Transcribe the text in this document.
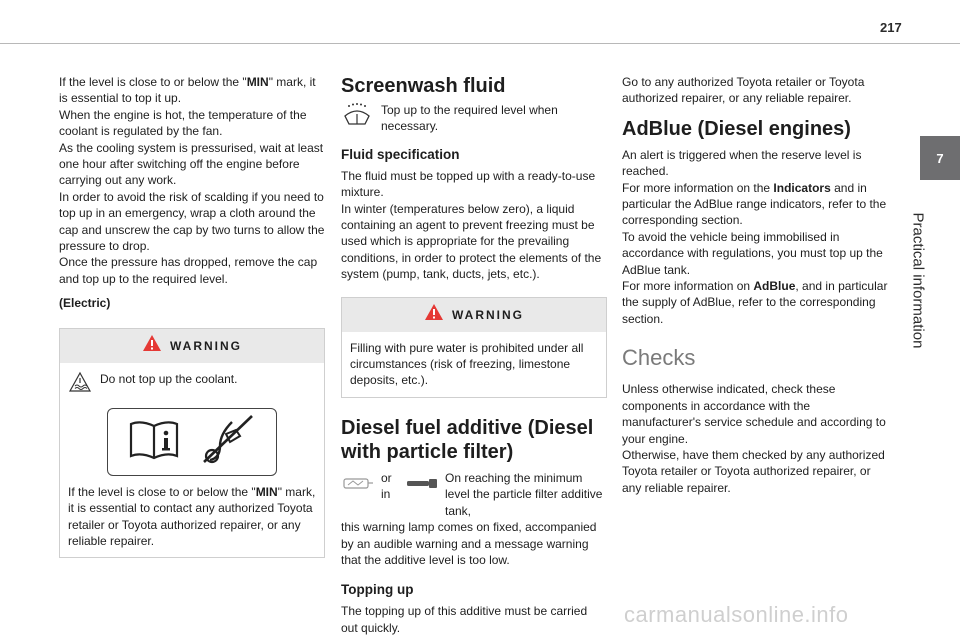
217
7
Practical information

If the level is close to or below the "MIN" mark, it is essential to top it up.

When the engine is hot, the temperature of the coolant is regulated by the fan.

As the cooling system is pressurised, wait at least one hour after switching off the engine before carrying out any work.

In order to avoid the risk of scalding if you need to top up in an emergency, wrap a cloth around the cap and unscrew the cap by two turns to allow the pressure to drop.

Once the pressure has dropped, remove the cap and top up to the required level.

(Electric)

WARNING

Do not top up the coolant.

If the level is close to or below the "MIN" mark, it is essential to contact any authorized Toyota retailer or Toyota authorized repairer, or any reliable repairer.

Screenwash fluid

Top up to the required level when necessary.

Fluid specification

The fluid must be topped up with a ready-to-use mixture.

In winter (temperatures below zero), a liquid containing an agent to prevent freezing must be used which is appropriate for the prevailing conditions, in order to protect the elements of the system (pump, tank, ducts, jets, etc.).

WARNING

Filling with pure water is prohibited under all circumstances (risk of freezing, limestone deposits, etc.).

Diesel fuel additive (Diesel with particle filter)

or

in

On reaching the minimum level the particle filter additive tank,

this warning lamp comes on fixed, accompanied by an audible warning and a message warning that the additive level is too low.

Topping up

The topping up of this additive must be carried out quickly.

Go to any authorized Toyota retailer or Toyota authorized repairer, or any reliable repairer.

AdBlue (Diesel engines)

An alert is triggered when the reserve level is reached.

For more information on the Indicators and in particular the AdBlue range indicators, refer to the corresponding section.

To avoid the vehicle being immobilised in accordance with regulations, you must top up the AdBlue tank.

For more information on AdBlue, and in particular the supply of AdBlue, refer to the corresponding section.

Checks

Unless otherwise indicated, check these components in accordance with the manufacturer's service schedule and according to your engine.

Otherwise, have them checked by any authorized Toyota retailer or Toyota authorized repairer, or any reliable repairer.

carmanualsonline.info
